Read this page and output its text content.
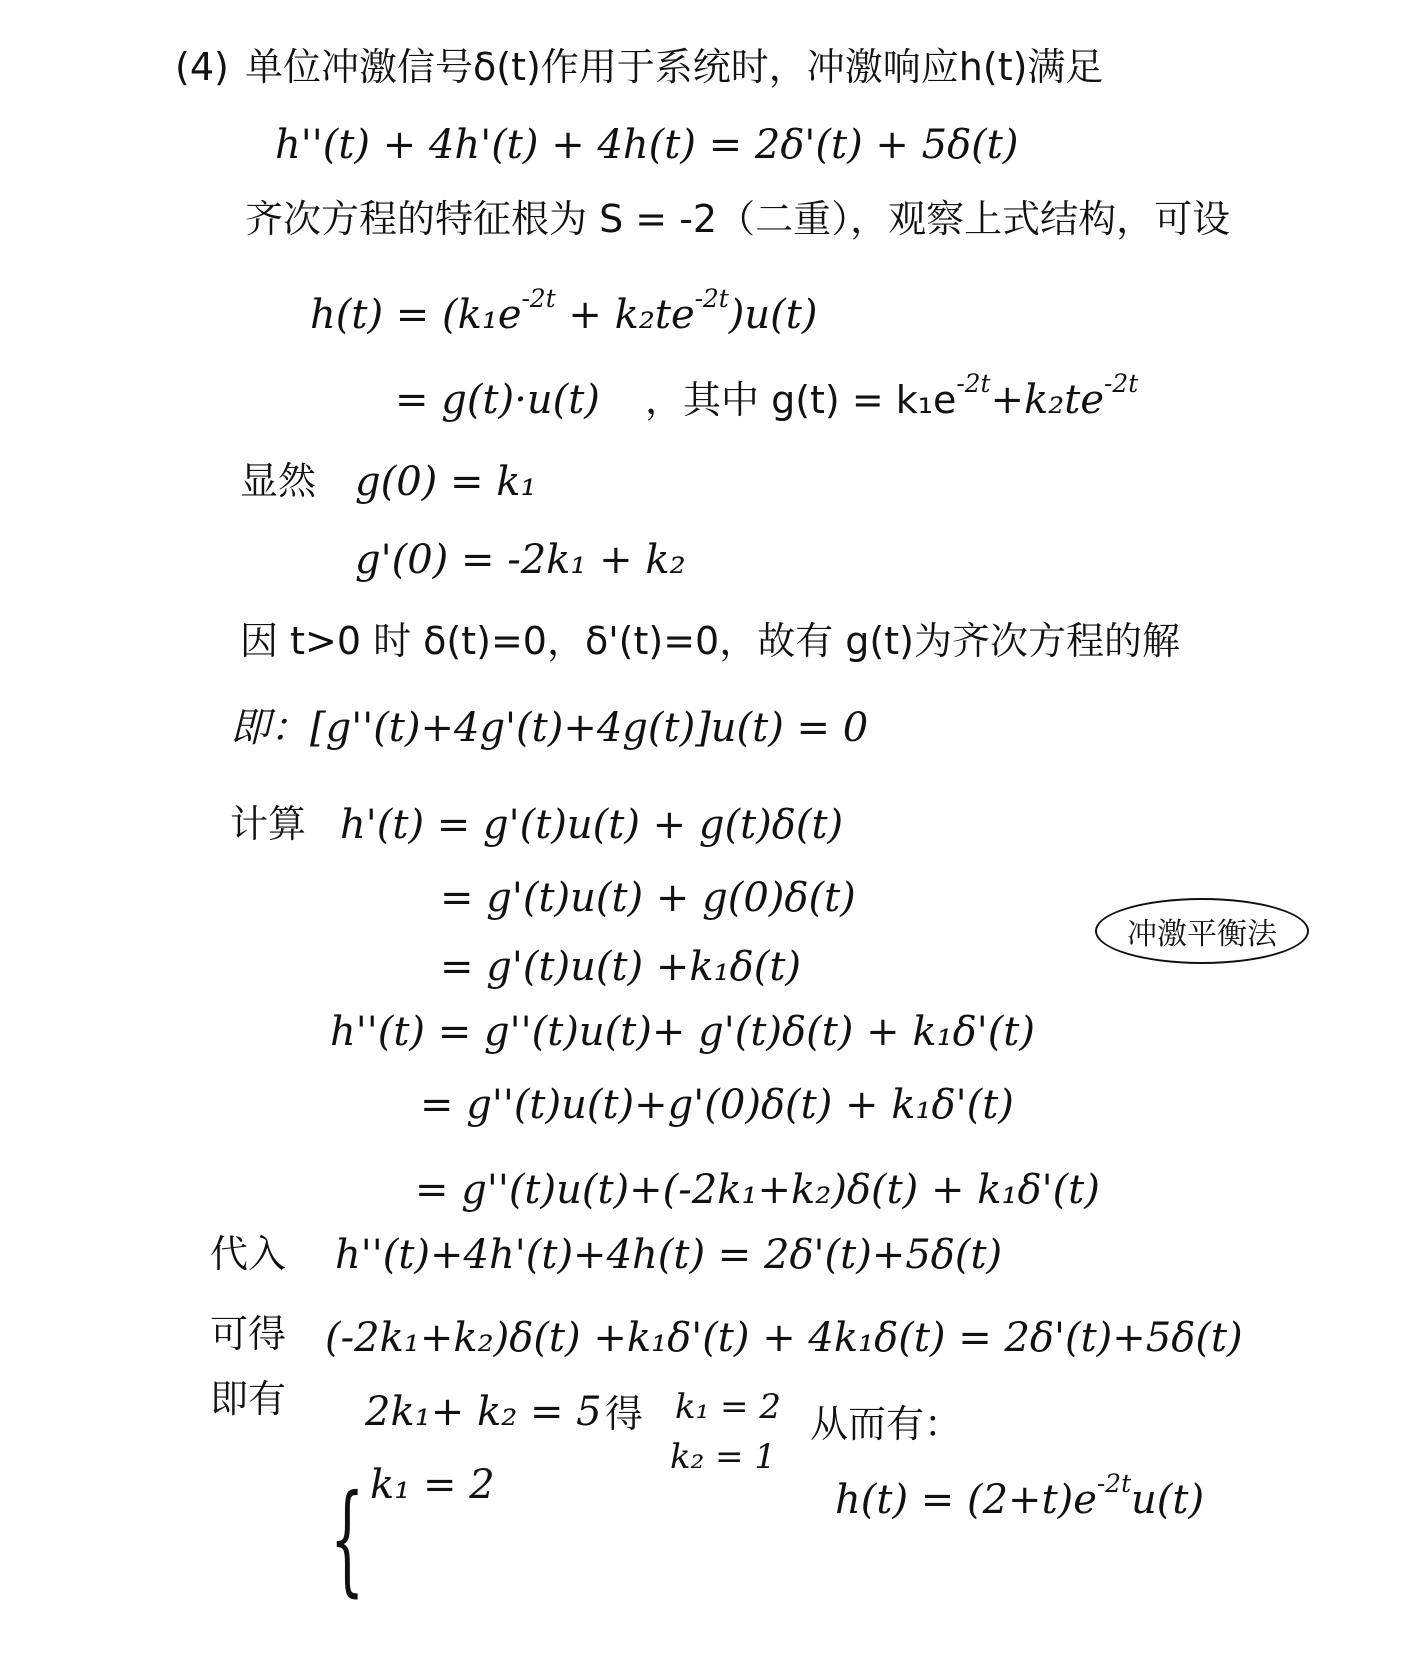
(4) 单位冲激信号δ(t)作用于系统时，冲激响应h(t)满足
h''(t) + 4h'(t) + 4h(t) = 2δ'(t) + 5δ(t)
齐次方程的特征根为 S = -2（二重），观察上式结构，可设
$h(t) = (k_1e^{-2t} + k_2te^{-2t})u(t)$
= g(t)·u(t) ，其中 $g(t) = k_1e^{-2t}+k_2te^{-2t}$
显然 g(0) = k₁
g'(0) = -2k₁ + k₂
因 t>0 时 δ(t)=0，δ'(t)=0，故有 g(t)为齐次方程的解
即：[g''(t)+4g'(t)+4g(t)]u(t) = 0
计算 h'(t) = g'(t)u(t) + g(t)δ(t)
= g'(t)u(t) + g(0)δ(t)
= g'(t)u(t) +k₁δ(t)
冲激平衡法
h''(t) = g''(t)u(t)+ g'(t)δ(t) + k₁δ'(t)
= g''(t)u(t)+g'(0)δ(t) + k₁δ'(t)
= g''(t)u(t)+(-2k₁+k₂)δ(t) + k₁δ'(t)
代入 h''(t)+4h'(t)+4h(t) = 2δ'(t)+5δ(t)
可得 (-2k₁+k₂)δ(t) +k₁δ'(t) + 4k₁δ(t) = 2δ'(t)+5δ(t)
即有
{
2k₁+ k₂ = 5
k₁ = 2
得 k₁ = 2
k₂ = 1
从而有：
$h(t) = (2+t)e^{-2t}u(t)$
